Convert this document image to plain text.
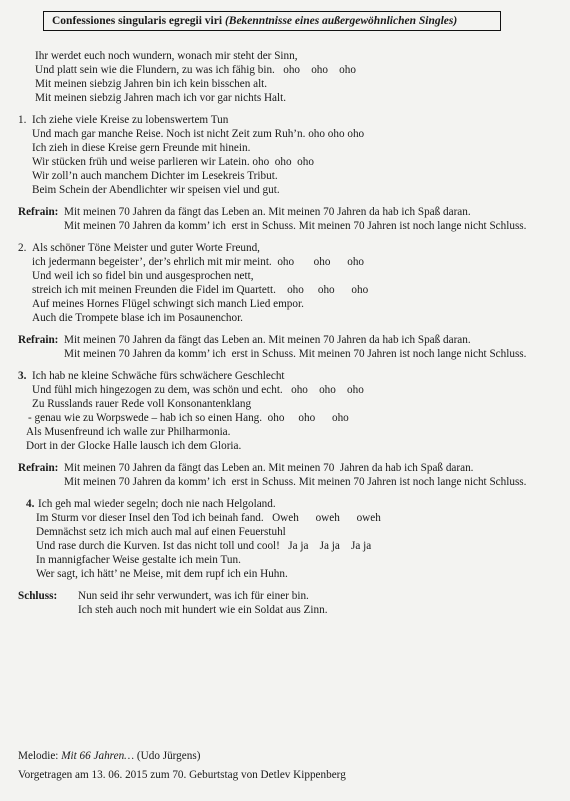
Confessiones singularis egregii viri (Bekenntnisse eines außergewöhnlichen Singles)
Ihr werdet euch noch wundern, wonach mir steht der Sinn,
Und platt sein wie die Flundern, zu was ich fähig bin.   oho    oho    oho
Mit meinen siebzig Jahren bin ich kein bisschen alt.
Mit meinen siebzig Jahren mach ich vor gar nichts Halt.
1. Ich ziehe viele Kreise zu lobenswertem Tun
Und mach gar manche Reise. Noch ist nicht Zeit zum Ruh’n. oho oho oho
Ich zieh in diese Kreise gern Freunde mit hinein.
Wir stücken früh und weise parlieren wir Latein. oho  oho  oho
Wir zoll’n auch manchem Dichter im Lesekreis Tribut.
Beim Schein der Abendlichter wir speisen viel und gut.
Refrain: Mit meinen 70 Jahren da fängt das Leben an. Mit meinen 70 Jahren da hab ich Spaß daran.
Mit meinen 70 Jahren da komm’ ich  erst in Schuss. Mit meinen 70 Jahren ist noch lange nicht Schluss.
2. Als schöner Töne Meister und guter Worte Freund,
ich jedermann begeister’, der’s ehrlich mit mir meint.  oho       oho      oho
Und weil ich so fidel bin und ausgesprochen nett,
streich ich mit meinen Freunden die Fidel im Quartett.    oho     oho      oho
Auf meines Hornes Flügel schwingt sich manch Lied empor.
Auch die Trompete blase ich im Posaunenchor.
Refrain: Mit meinen 70 Jahren da fängt das Leben an. Mit meinen 70 Jahren da hab ich Spaß daran.
Mit meinen 70 Jahren da komm’ ich  erst in Schuss. Mit meinen 70 Jahren ist noch lange nicht Schluss.
3. Ich hab ne kleine Schwäche fürs schwächere Geschlecht
Und fühl mich hingezogen zu dem, was schön und echt.   oho    oho    oho
Zu Russlands rauer Rede voll Konsonantenklang
- genau wie zu Worpswede – hab ich so einen Hang.  oho     oho      oho
Als Musenfreund ich walle zur Philharmonia.
Dort in der Glocke Halle lausch ich dem Gloria.
Refrain: Mit meinen 70 Jahren da fängt das Leben an. Mit meinen 70  Jahren da hab ich Spaß daran.
Mit meinen 70 Jahren da komm’ ich  erst in Schuss. Mit meinen 70 Jahren ist noch lange nicht Schluss.
4. Ich geh mal wieder segeln; doch nie nach Helgoland.
Im Sturm vor dieser Insel den Tod ich beinah fand.   Oweh      oweh      oweh
Demnächst setz ich mich auch mal auf einen Feuerstuhl
Und rase durch die Kurven. Ist das nicht toll und cool!   Ja ja    Ja ja    Ja ja
In mannigfacher Weise gestalte ich mein Tun.
Wer sagt, ich hätt’ ne Meise, mit dem rupf ich ein Huhn.
Schluss: Nun seid ihr sehr verwundert, was ich für einer bin.
Ich steh auch noch mit hundert wie ein Soldat aus Zinn.
Melodie: Mit 66 Jahren… (Udo Jürgens)
Vorgetragen am 13. 06. 2015 zum 70. Geburtstag von Detlev Kippenberg
